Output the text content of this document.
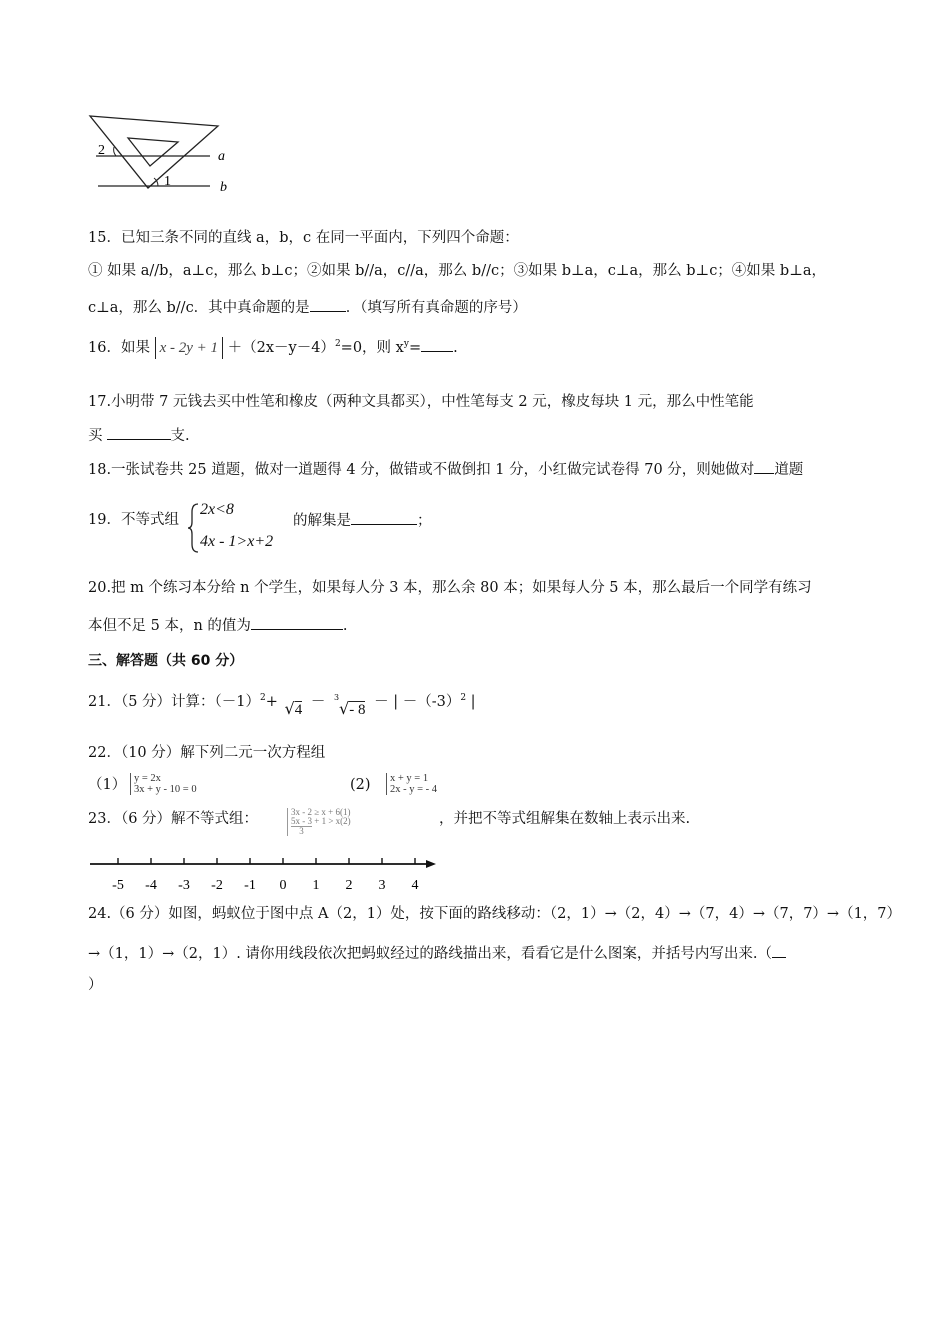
2
1
a
b
15．已知三条不同的直线 a，b，c 在同一平面内，下列四个命题：
① 如果 a//b，a⊥c，那么 b⊥c；②如果 b//a，c//a，那么 b//c；③如果 b⊥a，c⊥a，那么 b⊥c；④如果 b⊥a，
c⊥a，那么 b//c．其中真命题的是 ．（填写所有真命题的序号）
16．如果 $x - 2y + 1 +(2x-y-4)^2=0$，则 $x^y=$ .
17.小明带 7 元钱去买中性笔和橡皮（两种文具都买），中性笔每支 2 元，橡皮每块 1 元，那么中性笔能
买	支.
18.一张试卷共 25 道题，做对一道题得 4 分，做错或不做倒扣 1 分，小红做完试卷得 70 分，则她做对 道题
19．不等式组
2x<8
4x - 1>x+2
的解集是	；
20.把 m 个练习本分给 n 个学生，如果每人分 3 本，那么余 80 本；如果每人分 5 本，那么最后一个同学有练习
本但不足 5 本，n 的值为	.
三、解答题（共 60 分）
21．（5 分）计算：$(-1)^2+ √4 - ^3√-$ 8 － | $-(-3)^2$ |
22．（10 分）解下列二元一次方程组
（1） y = 2x
3x + y - 10 = 0	(2) x + y = 1
2x - y = - 4
23．（6 分）解不等式组：	3x - 2 ≥ x + 6(1)
$\frac{5x - 3}{3} + 1 > x(2)$	，并把不等式组解集在数轴上表示出来.
-5 -4 -3 -2 -1 0 1 2 3 4
24.（6 分）如图，蚂蚁位于图中点 A（2，1）处，按下面的路线移动：（2，1）→（2，4）→（7，4）→（7，7）→（1，7）
→（1，1）→（2，1）. 请你用线段依次把蚂蚁经过的路线描出来，看看它是什么图案，并括号内写出来.（
）
